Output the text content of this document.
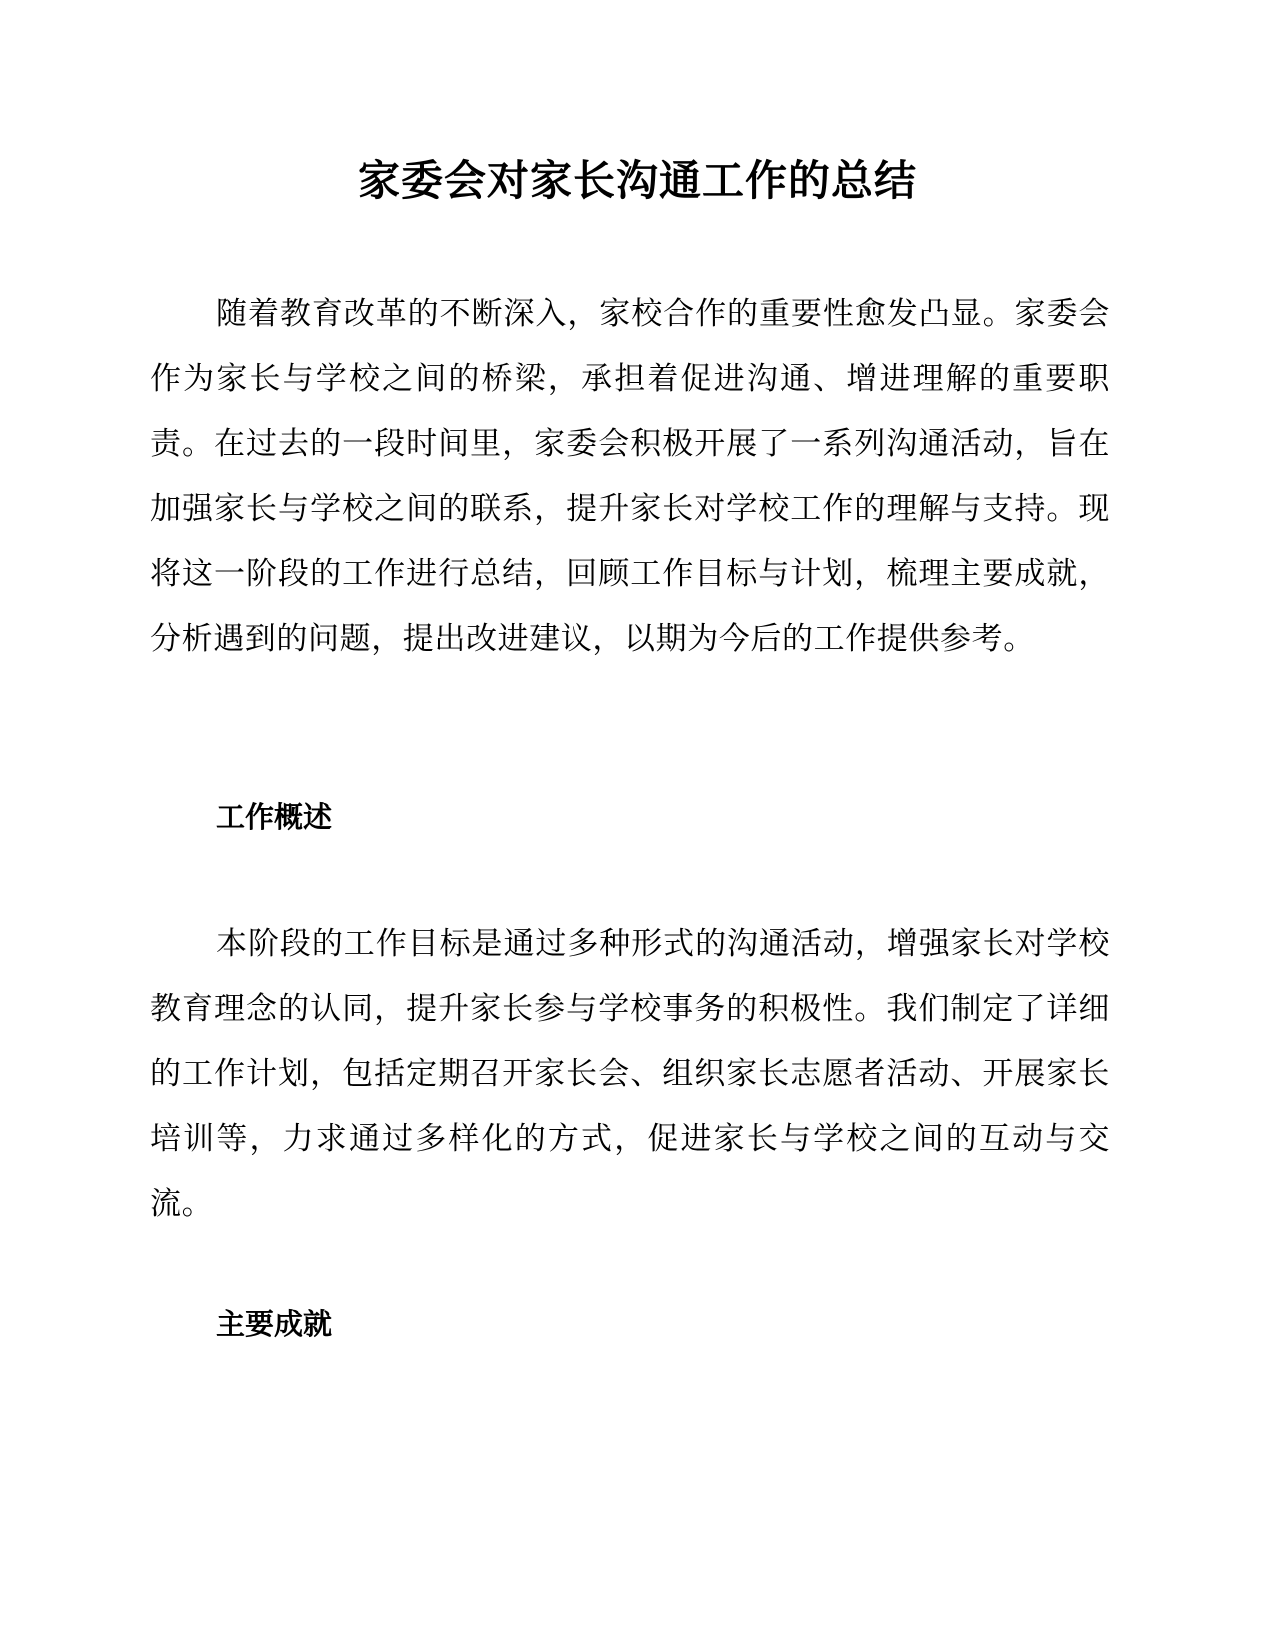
家委会对家长沟通工作的总结

随着教育改革的不断深入，家校合作的重要性愈发凸显。家委会作为家长与学校之间的桥梁，承担着促进沟通、增进理解的重要职责。在过去的一段时间里，家委会积极开展了一系列沟通活动，旨在加强家长与学校之间的联系，提升家长对学校工作的理解与支持。现将这一阶段的工作进行总结，回顾工作目标与计划，梳理主要成就，分析遇到的问题，提出改进建议，以期为今后的工作提供参考。

工作概述

本阶段的工作目标是通过多种形式的沟通活动，增强家长对学校教育理念的认同，提升家长参与学校事务的积极性。我们制定了详细的工作计划，包括定期召开家长会、组织家长志愿者活动、开展家长培训等，力求通过多样化的方式，促进家长与学校之间的互动与交流。

主要成就
